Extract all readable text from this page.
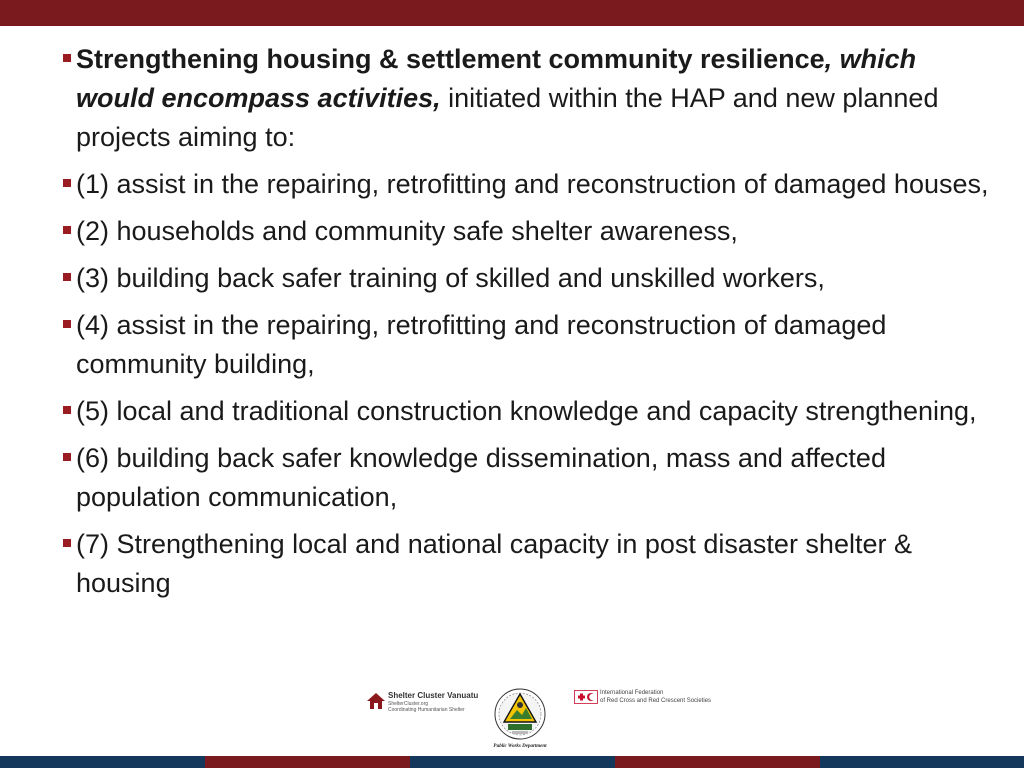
Strengthening housing & settlement community resilience, which would encompass activities, initiated within the HAP and new planned projects aiming to:
(1) assist in the repairing, retrofitting and reconstruction of damaged houses,
(2) households and community safe shelter awareness,
(3) building back safer training of skilled and unskilled workers,
(4) assist in the repairing, retrofitting and reconstruction of damaged community building,
(5) local and traditional construction knowledge and capacity strengthening,
(6) building back safer knowledge dissemination, mass and affected population communication,
(7) Strengthening local and national capacity in post disaster shelter & housing
Shelter Cluster Vanuatu
ShelterCluster.org
Coordinating Humanitarian Shelter
Public Works Department
International Federation
of Red Cross and Red Crescent Societies
